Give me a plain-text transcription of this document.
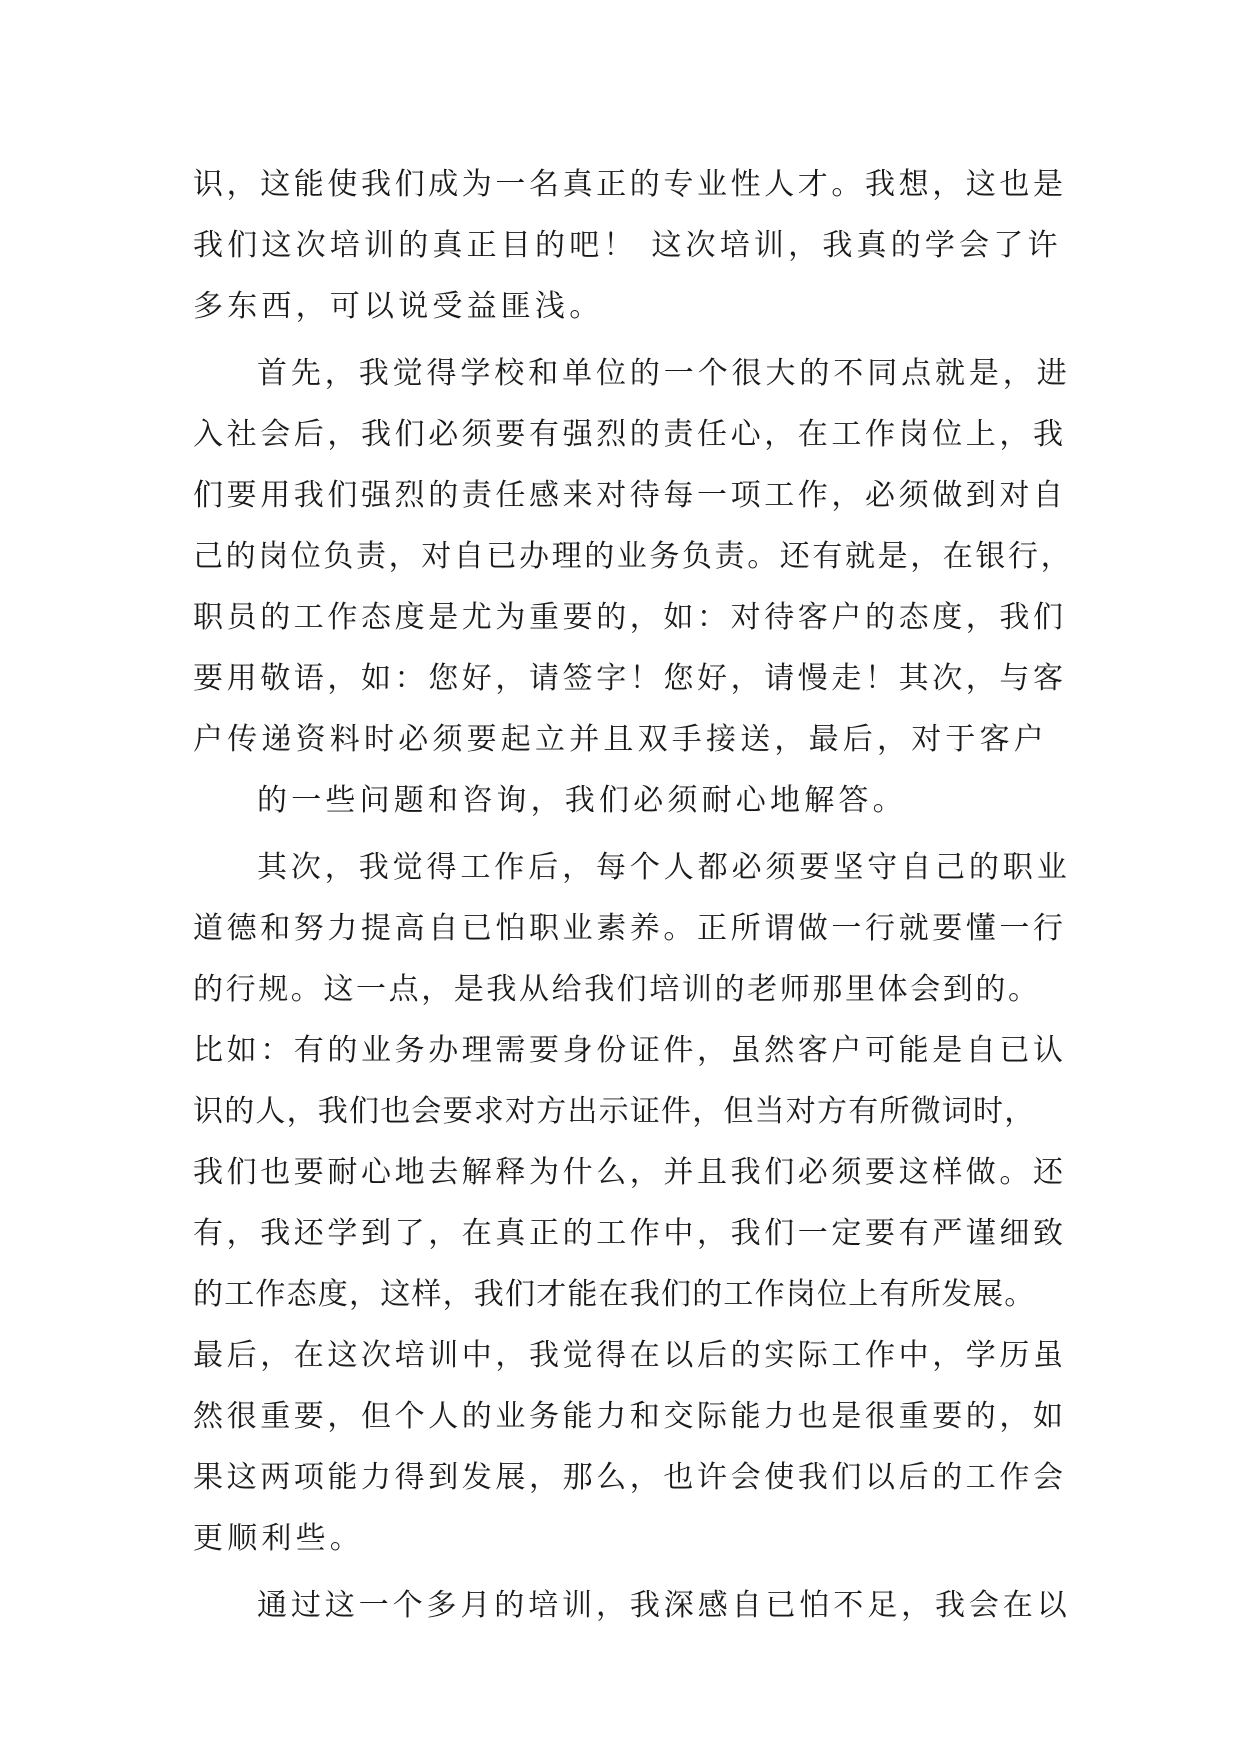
识，这能使我们成为一名真正的专业性人才。我想，这也是
我们这次培训的真正目的吧！ 这次培训，我真的学会了许
多东西，可以说受益匪浅。
首先，我觉得学校和单位的一个很大的不同点就是，进
入社会后，我们必须要有强烈的责任心，在工作岗位上，我
们要用我们强烈的责任感来对待每一项工作，必须做到对自
己的岗位负责，对自已办理的业务负责。还有就是，在银行，
职员的工作态度是尤为重要的，如：对待客户的态度，我们
要用敬语，如：您好，请签字！您好，请慢走！其次，与客
户传递资料时必须要起立并且双手接送，最后，对于客户
的一些问题和咨询，我们必须耐心地解答。
其次，我觉得工作后，每个人都必须要坚守自己的职业
道德和努力提高自已怕职业素养。正所谓做一行就要懂一行
的行规。这一点，是我从给我们培训的老师那里体会到的。
比如：有的业务办理需要身份证件，虽然客户可能是自已认
识的人，我们也会要求对方出示证件，但当对方有所微词时，
我们也要耐心地去解释为什么，并且我们必须要这样做。还
有，我还学到了，在真正的工作中，我们一定要有严谨细致
的工作态度，这样，我们才能在我们的工作岗位上有所发展。
最后，在这次培训中，我觉得在以后的实际工作中，学历虽
然很重要，但个人的业务能力和交际能力也是很重要的，如
果这两项能力得到发展，那么，也许会使我们以后的工作会
更顺利些。
通过这一个多月的培训，我深感自已怕不足，我会在以
